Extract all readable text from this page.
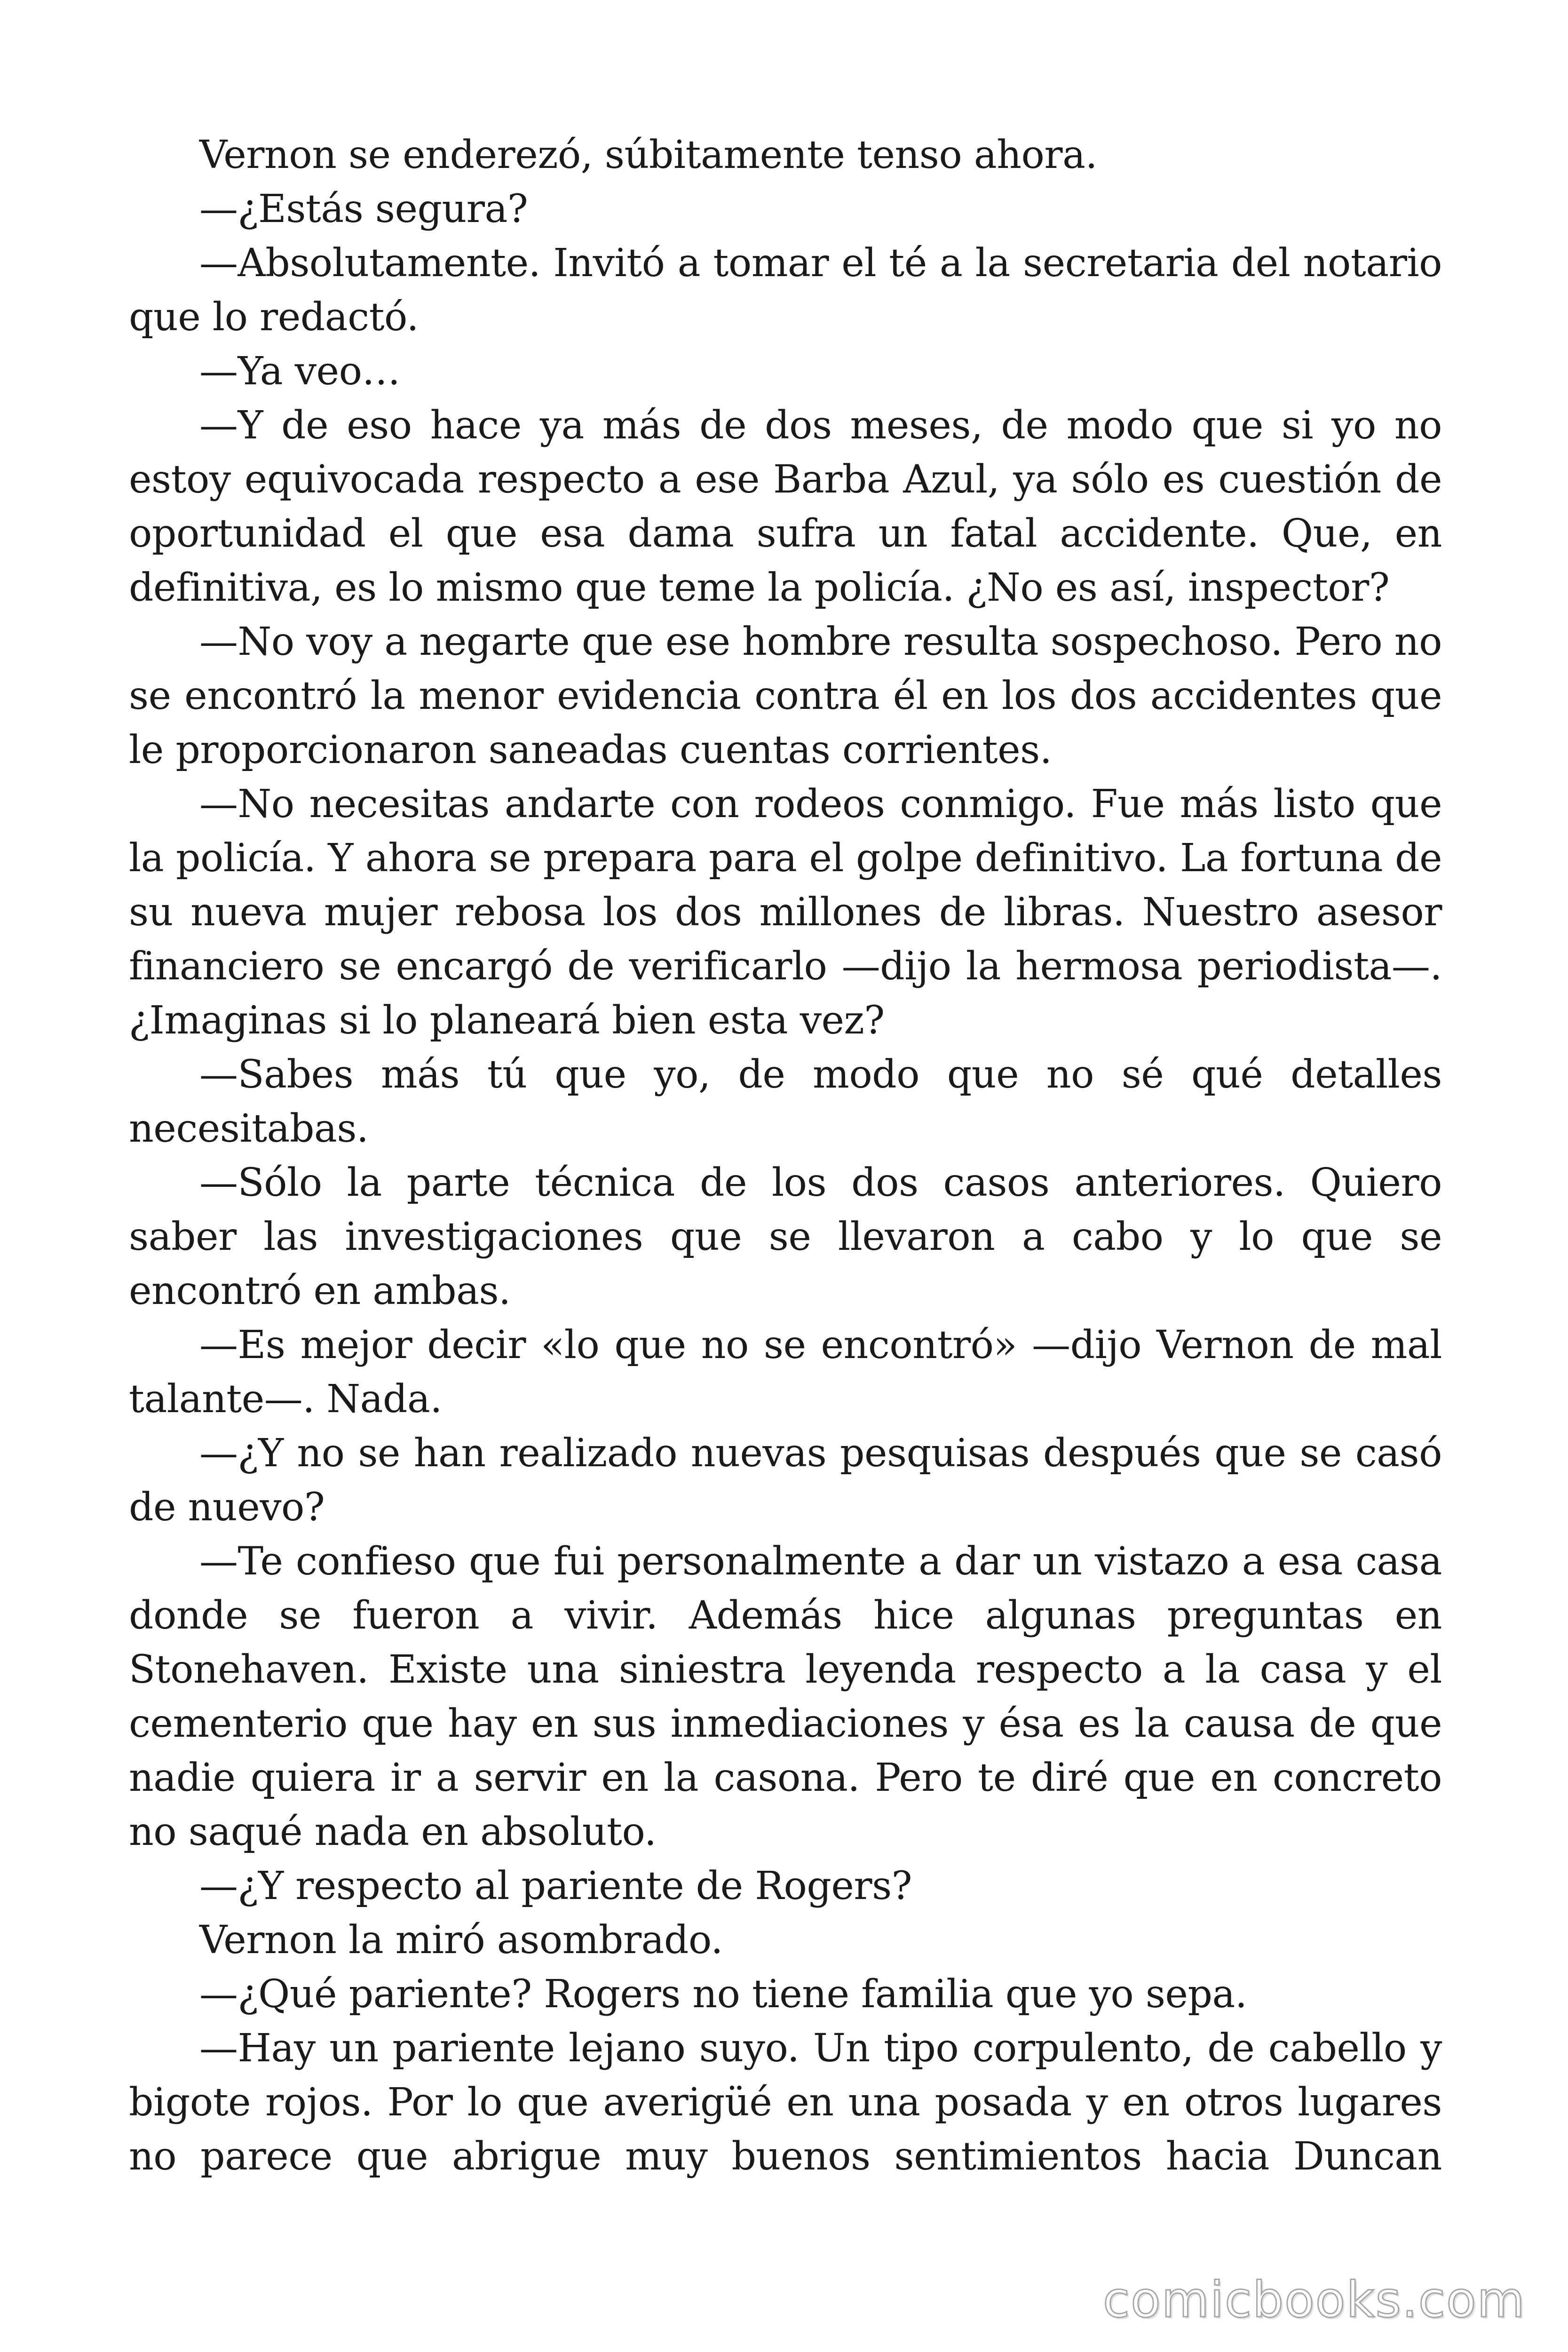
Vernon se enderezó, súbitamente tenso ahora.

—¿Estás segura?

—Absolutamente. Invitó a tomar el té a la secretaria del notario que lo redactó.

—Ya veo…

—Y de eso hace ya más de dos meses, de modo que si yo no estoy equivocada respecto a ese Barba Azul, ya sólo es cuestión de oportunidad el que esa dama sufra un fatal accidente. Que, en definitiva, es lo mismo que teme la policía. ¿No es así, inspector?

—No voy a negarte que ese hombre resulta sospechoso. Pero no se encontró la menor evidencia contra él en los dos accidentes que le proporcionaron saneadas cuentas corrientes.

—No necesitas andarte con rodeos conmigo. Fue más listo que la policía. Y ahora se prepara para el golpe definitivo. La fortuna de su nueva mujer rebosa los dos millones de libras. Nuestro asesor financiero se encargó de verificarlo —dijo la hermosa periodista—. ¿Imaginas si lo planeará bien esta vez?

—Sabes más tú que yo, de modo que no sé qué detalles necesitabas.

—Sólo la parte técnica de los dos casos anteriores. Quiero saber las investigaciones que se llevaron a cabo y lo que se encontró en ambas.

—Es mejor decir «lo que no se encontró» —dijo Vernon de mal talante—. Nada.

—¿Y no se han realizado nuevas pesquisas después que se casó de nuevo?

—Te confieso que fui personalmente a dar un vistazo a esa casa donde se fueron a vivir. Además hice algunas preguntas en Stonehaven. Existe una siniestra leyenda respecto a la casa y el cementerio que hay en sus inmediaciones y ésa es la causa de que nadie quiera ir a servir en la casona. Pero te diré que en concreto no saqué nada en absoluto.

—¿Y respecto al pariente de Rogers?

Vernon la miró asombrado.

—¿Qué pariente? Rogers no tiene familia que yo sepa.

—Hay un pariente lejano suyo. Un tipo corpulento, de cabello y bigote rojos. Por lo que averigüé en una posada y en otros lugares no parece que abrigue muy buenos sentimientos hacia Duncan

comicbooks.com
